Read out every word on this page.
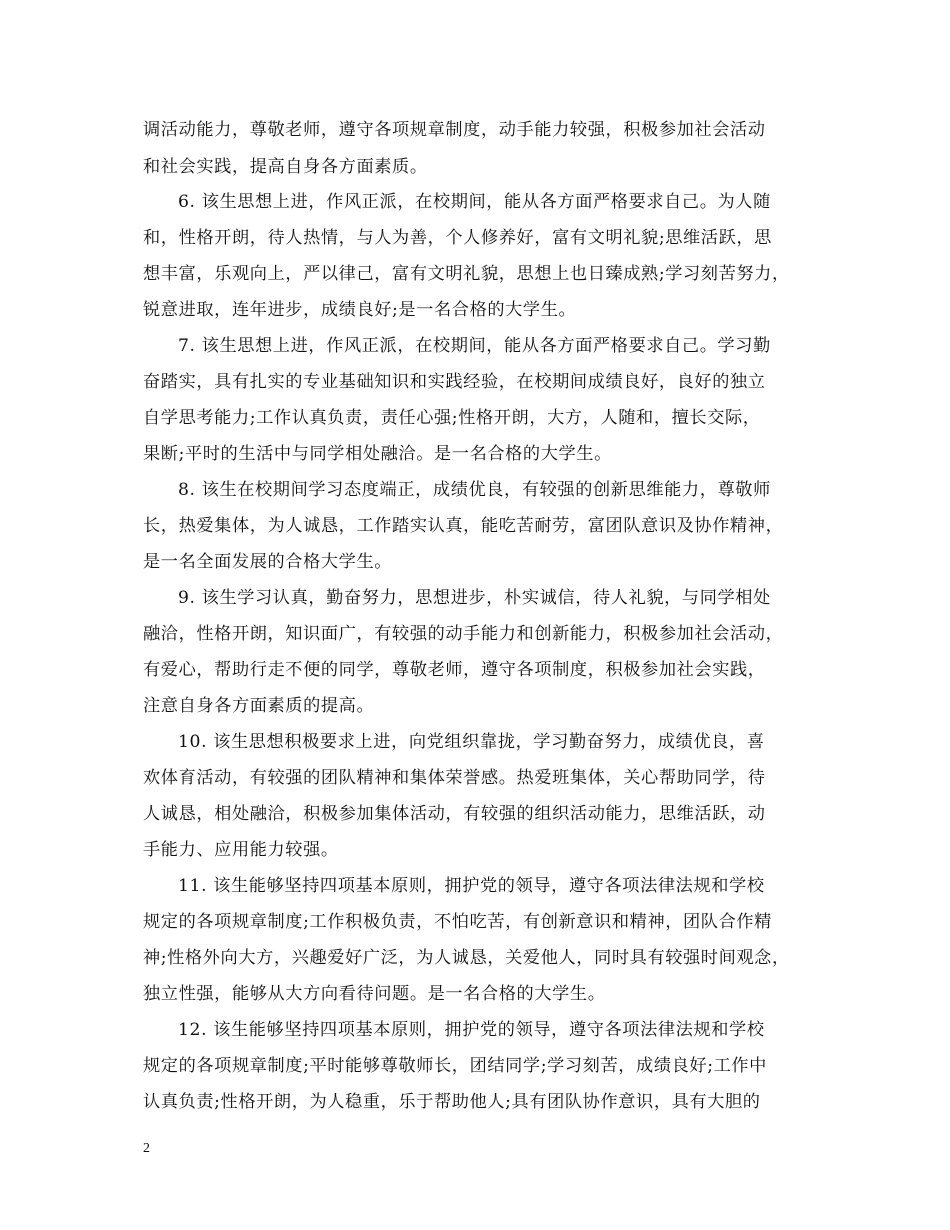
调活动能力，尊敬老师，遵守各项规章制度，动手能力较强，积极参加社会活动
和社会实践，提高自身各方面素质。
6. 该生思想上进，作风正派，在校期间，能从各方面严格要求自己。为人随
和，性格开朗，待人热情，与人为善，个人修养好，富有文明礼貌;思维活跃，思
想丰富，乐观向上，严以律己，富有文明礼貌，思想上也日臻成熟;学习刻苦努力，
锐意进取，连年进步，成绩良好;是一名合格的大学生。
7. 该生思想上进，作风正派，在校期间，能从各方面严格要求自己。学习勤
奋踏实，具有扎实的专业基础知识和实践经验，在校期间成绩良好，良好的独立
自学思考能力;工作认真负责，责任心强;性格开朗，大方，人随和，擅长交际，
果断;平时的生活中与同学相处融洽。是一名合格的大学生。
8. 该生在校期间学习态度端正，成绩优良，有较强的创新思维能力，尊敬师
长，热爱集体，为人诚恳，工作踏实认真，能吃苦耐劳，富团队意识及协作精神，
是一名全面发展的合格大学生。
9. 该生学习认真，勤奋努力，思想进步，朴实诚信，待人礼貌，与同学相处
融洽，性格开朗，知识面广，有较强的动手能力和创新能力，积极参加社会活动，
有爱心，帮助行走不便的同学，尊敬老师，遵守各项制度，积极参加社会实践，
注意自身各方面素质的提高。
10. 该生思想积极要求上进，向党组织靠拢，学习勤奋努力，成绩优良，喜
欢体育活动，有较强的团队精神和集体荣誉感。热爱班集体，关心帮助同学，待
人诚恳，相处融洽，积极参加集体活动，有较强的组织活动能力，思维活跃，动
手能力、应用能力较强。
11. 该生能够坚持四项基本原则，拥护党的领导，遵守各项法律法规和学校
规定的各项规章制度;工作积极负责，不怕吃苦，有创新意识和精神，团队合作精
神;性格外向大方，兴趣爱好广泛，为人诚恳，关爱他人，同时具有较强时间观念，
独立性强，能够从大方向看待问题。是一名合格的大学生。
12. 该生能够坚持四项基本原则，拥护党的领导，遵守各项法律法规和学校
规定的各项规章制度;平时能够尊敬师长，团结同学;学习刻苦，成绩良好;工作中
认真负责;性格开朗，为人稳重，乐于帮助他人;具有团队协作意识，具有大胆的
2
